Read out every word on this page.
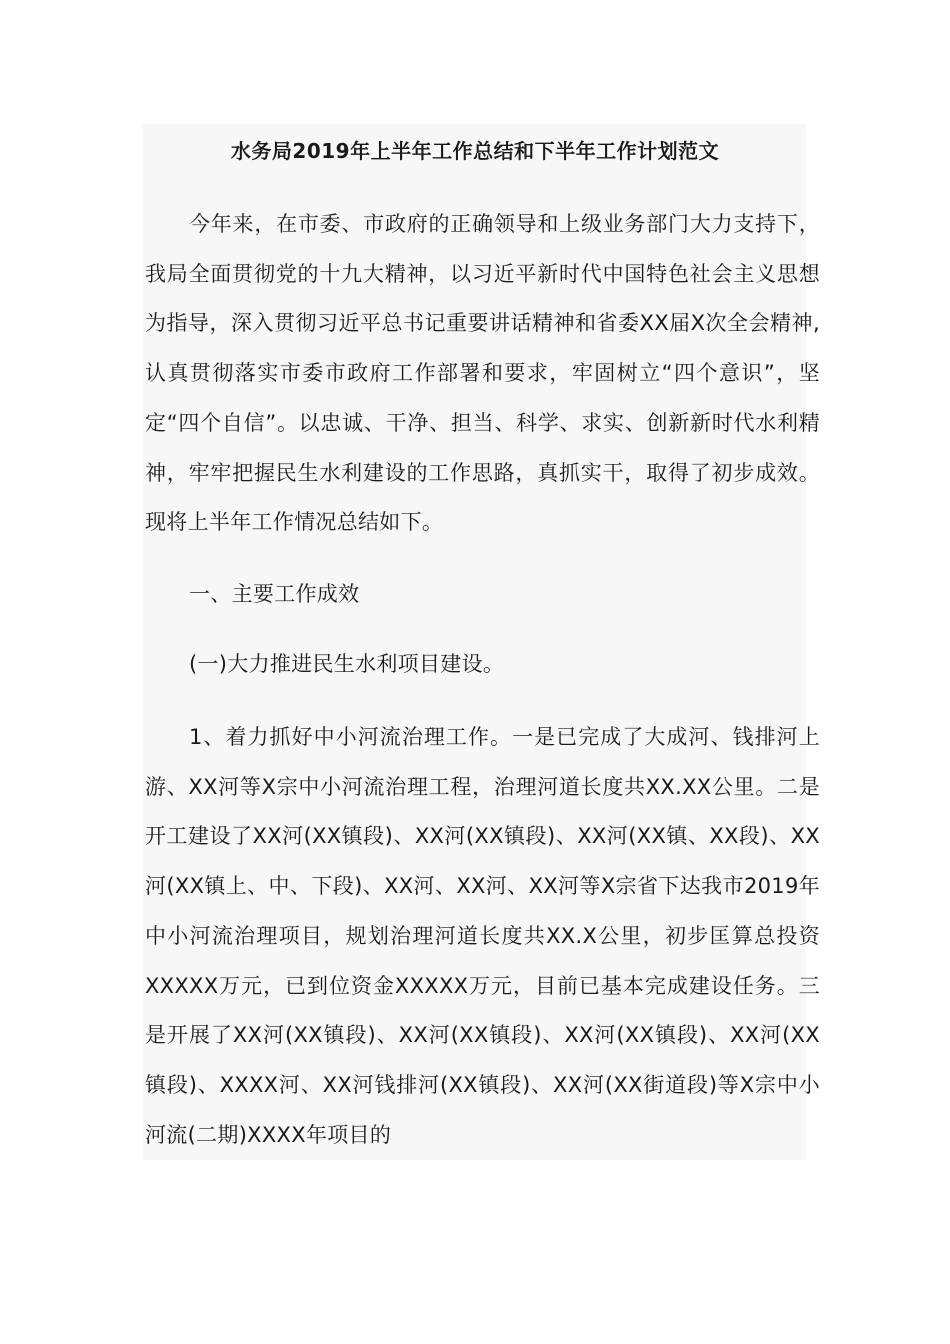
水务局2019年上半年工作总结和下半年工作计划范文

今年来，在市委、市政府的正确领导和上级业务部门大力支持下，我局全面贯彻党的十九大精神，以习近平新时代中国特色社会主义思想为指导，深入贯彻习近平总书记重要讲话精神和省委XX届X次全会精神,认真贯彻落实市委市政府工作部署和要求，牢固树立“四个意识”，坚定“四个自信”。以忠诚、干净、担当、科学、求实、创新新时代水利精神，牢牢把握民生水利建设的工作思路，真抓实干，取得了初步成效。现将上半年工作情况总结如下。

一、主要工作成效

(一)大力推进民生水利项目建设。

1、着力抓好中小河流治理工作。一是已完成了大成河、钱排河上游、XX河等X宗中小河流治理工程，治理河道长度共XX.XX公里。二是开工建设了XX河(XX镇段)、XX河(XX镇段)、XX河(XX镇、XX段)、XX河(XX镇上、中、下段)、XX河、XX河、XX河等X宗省下达我市2019年中小河流治理项目，规划治理河道长度共XX.X公里，初步匡算总投资XXXXX万元，已到位资金XXXXX万元，目前已基本完成建设任务。三是开展了XX河(XX镇段)、XX河(XX镇段)、XX河(XX镇段)、XX河(XX镇段)、XXXX河、XX河钱排河(XX镇段)、XX河(XX街道段)等X宗中小河流(二期)XXXX年项目的
